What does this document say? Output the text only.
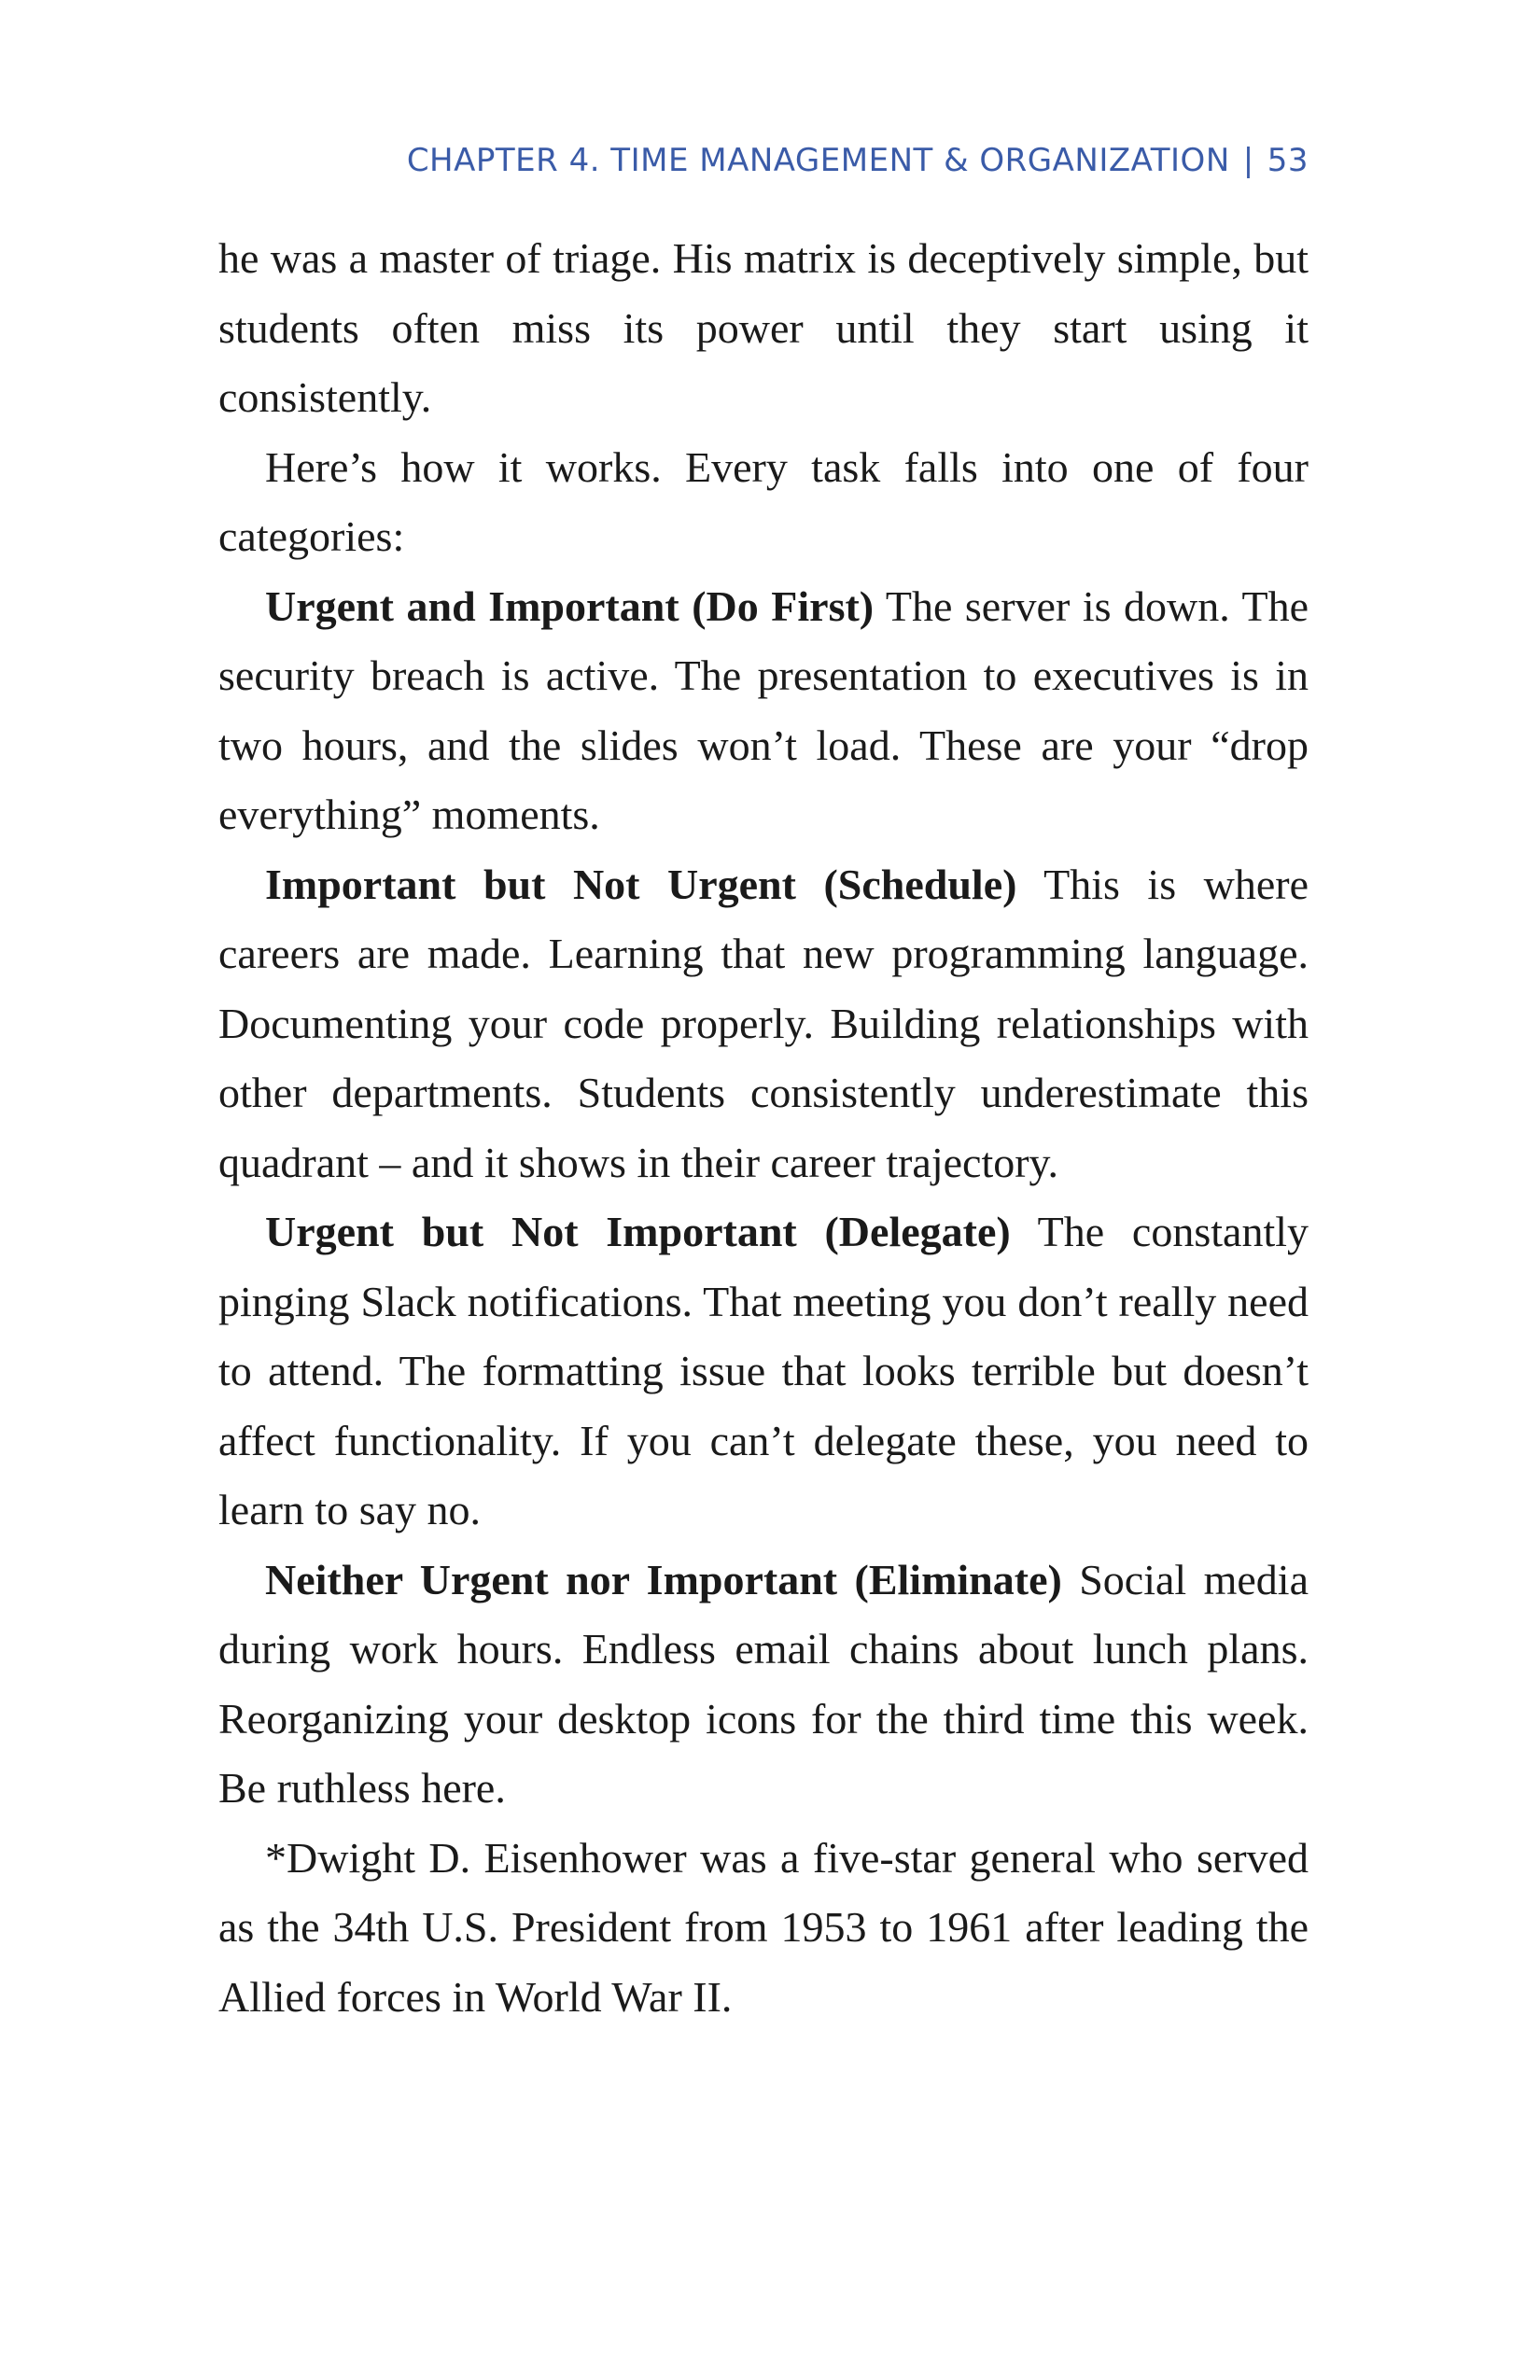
CHAPTER 4. TIME MANAGEMENT & ORGANIZATION | 53

he was a master of triage. His matrix is deceptively simple, but students often miss its power until they start using it consistently.

Here’s how it works. Every task falls into one of four categories:

Urgent and Important (Do First) The server is down. The security breach is active. The presentation to executives is in two hours, and the slides won’t load. These are your “drop everything” moments.

Important but Not Urgent (Schedule) This is where careers are made. Learning that new programming language. Documenting your code properly. Building relationships with other departments. Students consistently underestimate this quadrant – and it shows in their career trajectory.

Urgent but Not Important (Delegate) The constantly pinging Slack notifications. That meeting you don’t really need to attend. The formatting issue that looks terrible but doesn’t affect functionality. If you can’t delegate these, you need to learn to say no.

Neither Urgent nor Important (Eliminate) Social media during work hours. Endless email chains about lunch plans. Reorganizing your desktop icons for the third time this week. Be ruthless here.

*Dwight D. Eisenhower was a five-star general who served as the 34th U.S. President from 1953 to 1961 after leading the Allied forces in World War II.
